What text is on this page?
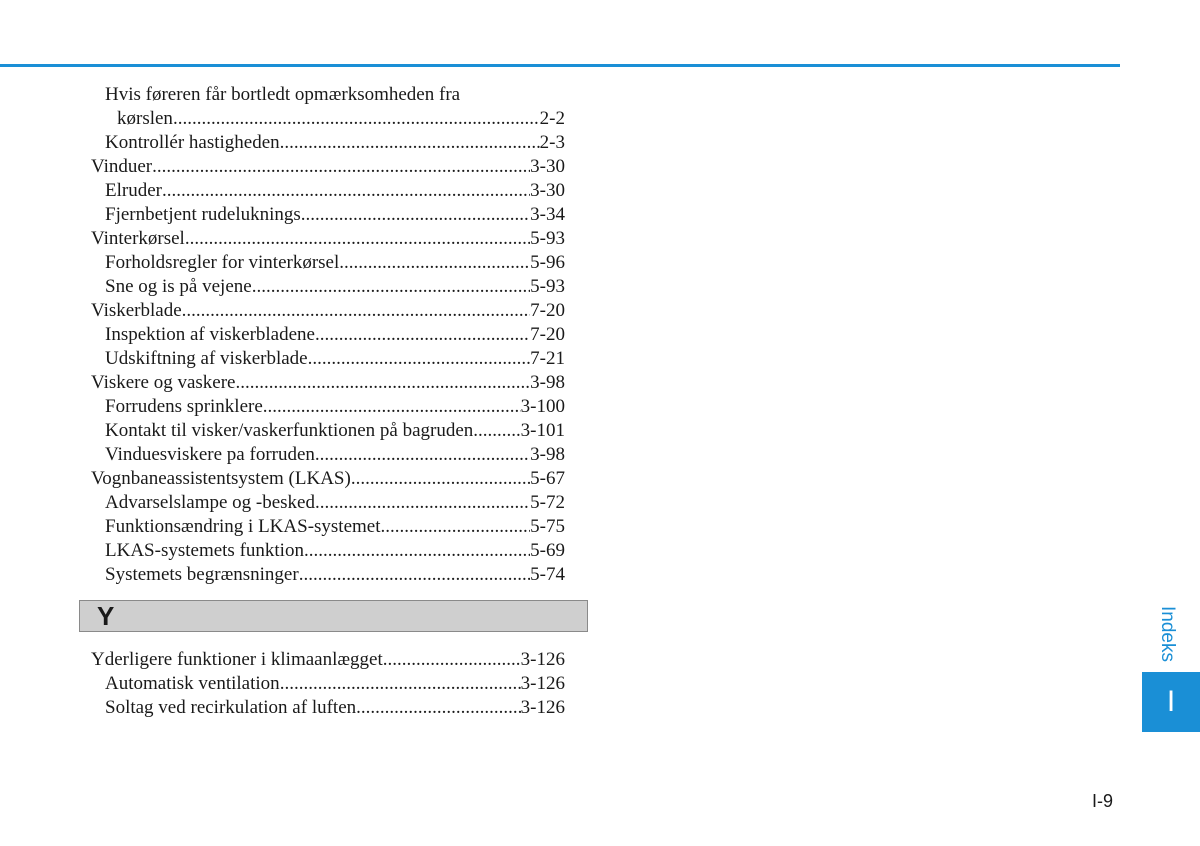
Hvis føreren får bortledt opmærksomheden fra
kørslen .....	2-2
Kontrollér hastigheden .....	2-3
Vinduer .....	3-30
Elruder .....	3-30
Fjernbetjent rudeluknings .....	3-34
Vinterkørsel .....	5-93
Forholdsregler for vinterkørsel .....	5-96
Sne og is på vejene .....	5-93
Viskerblade .....	7-20
Inspektion af viskerbladene .....	7-20
Udskiftning af viskerblade .....	7-21
Viskere og vaskere .....	3-98
Forrudens sprinklere .....	3-100
Kontakt til visker/vaskerfunktionen på bagruden ..... 3-101
Vinduesviskere pa forruden .....	3-98
Vognbaneassistentsystem (LKAS) .....	5-67
Advarselslampe og -besked .....	5-72
Funktionsændring i LKAS-systemet .....	5-75
LKAS-systemets funktion .....	5-69
Systemets begrænsninger .....	5-74
Y
Yderligere funktioner i klimaanlægget .....	3-126
Automatisk ventilation .....	3-126
Soltag ved recirkulation af luften .....	3-126
Indeks
I
I-9
